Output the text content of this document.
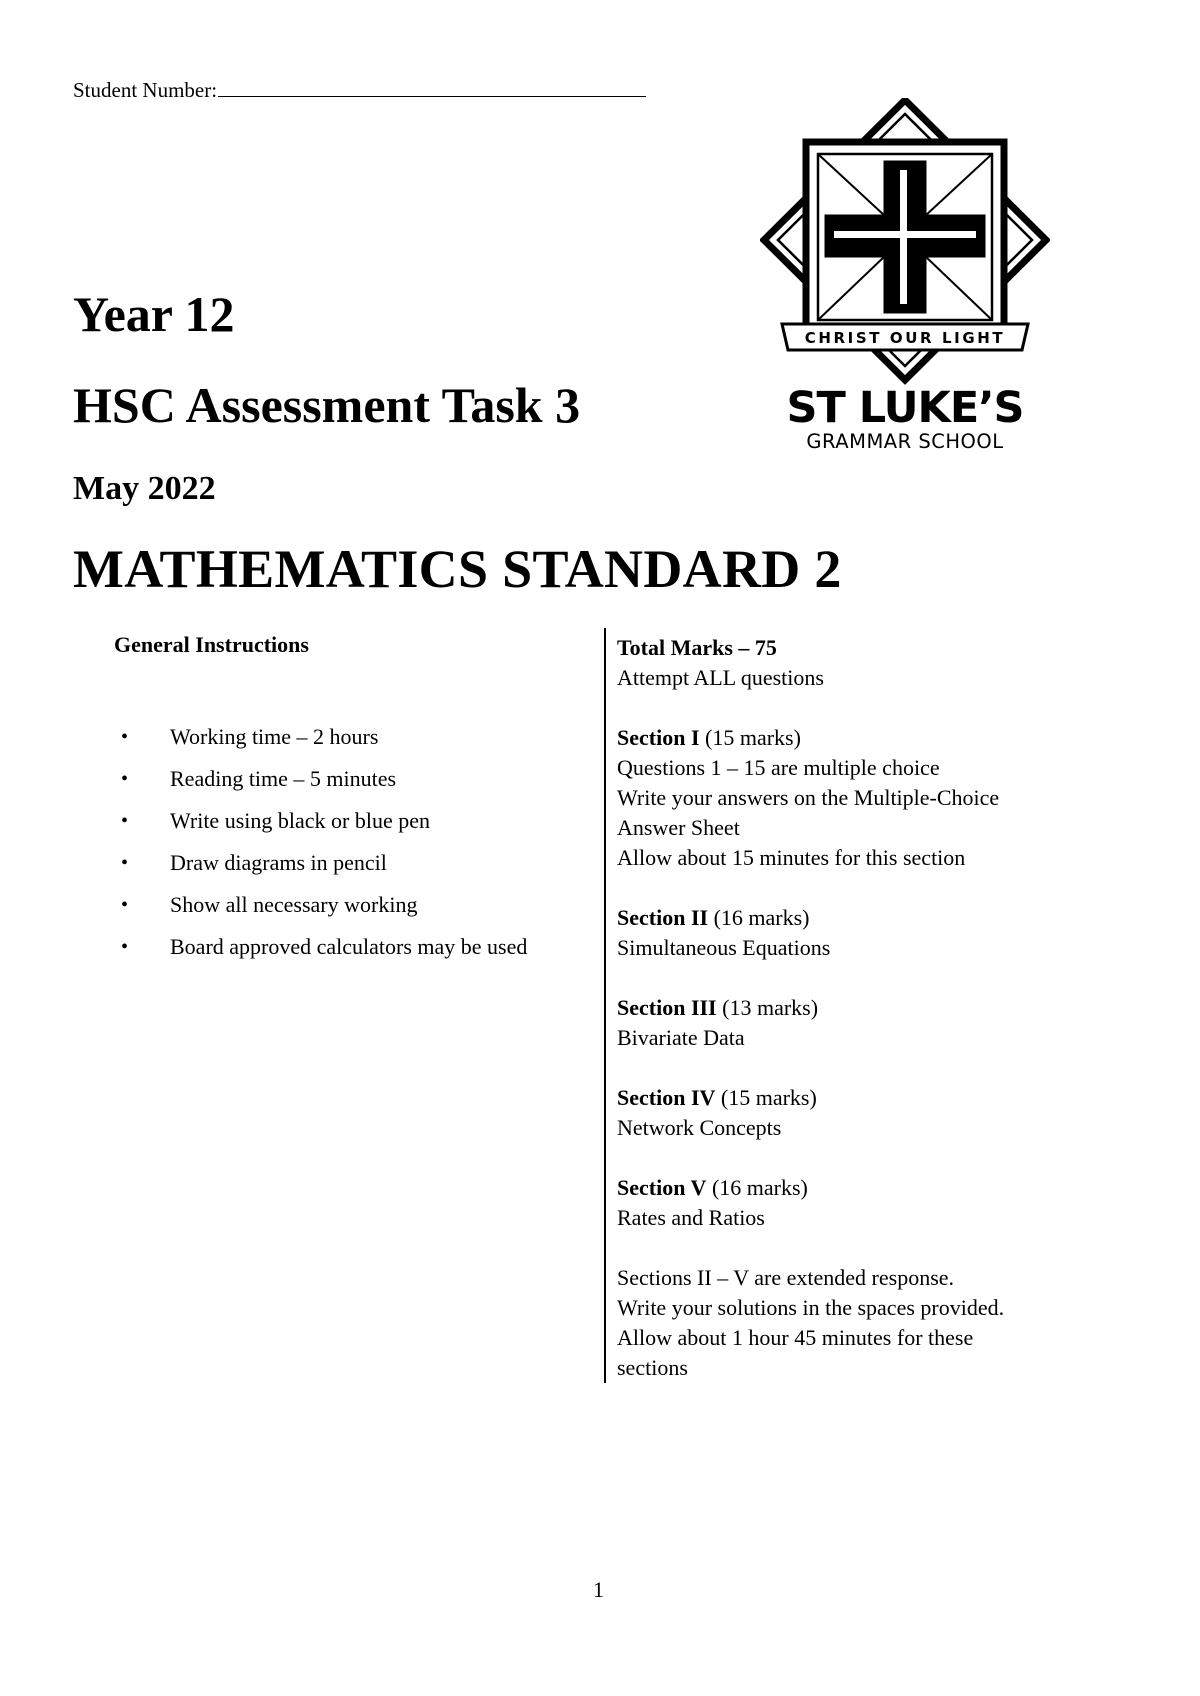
Student Number:
Year 12
HSC Assessment Task 3
May 2022
MATHEMATICS STANDARD 2
CHRIST OUR LIGHT
ST LUKE’S
GRAMMAR SCHOOL
General Instructions
• Working time – 2 hours
• Reading time – 5 minutes
• Write using black or blue pen
• Draw diagrams in pencil
• Show all necessary working
• Board approved calculators may be used

Total Marks – 75

Attempt ALL questions

Section I (15 marks)

Questions 1 – 15 are multiple choice

Write your answers on the Multiple-Choice

Answer Sheet

Allow about 15 minutes for this section

Section II (16 marks)

Simultaneous Equations

Section III (13 marks)

Bivariate Data

Section IV (15 marks)

Network Concepts

Section V (16 marks)

Rates and Ratios

Sections II – V are extended response.

Write your solutions in the spaces provided.

Allow about 1 hour 45 minutes for these

sections

1
